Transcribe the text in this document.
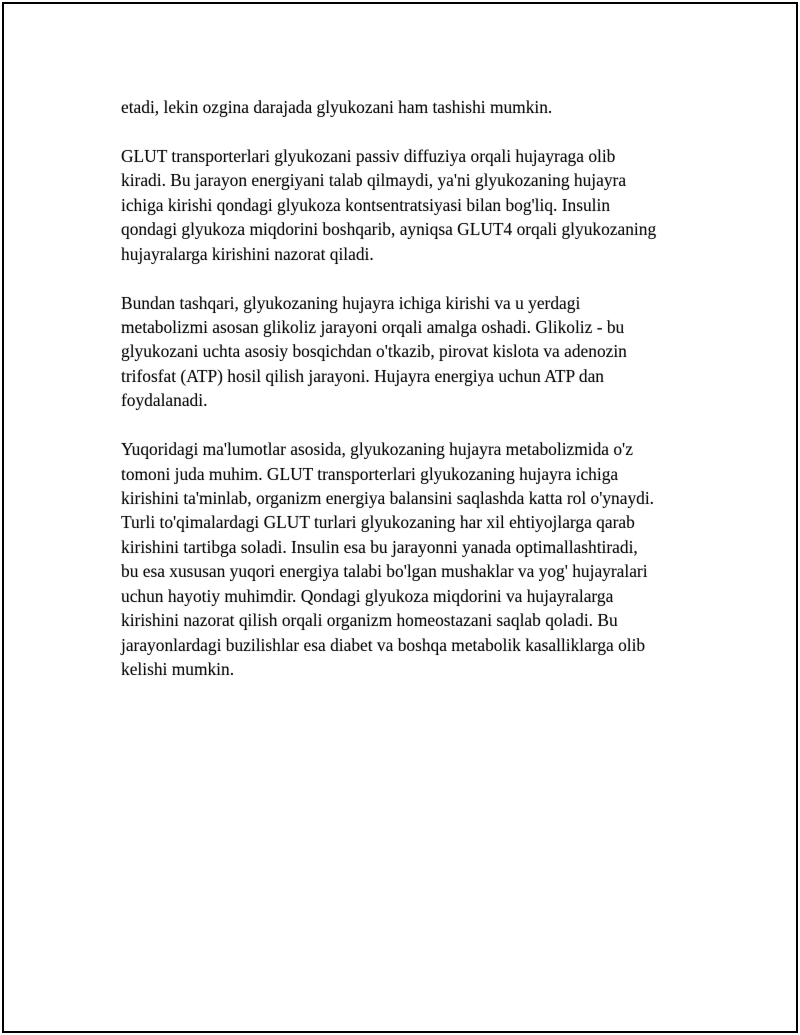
etadi, lekin ozgina darajada glyukozani ham tashishi mumkin.

GLUT transporterlari glyukozani passiv diffuziya orqali hujayraga olib
kiradi. Bu jarayon energiyani talab qilmaydi, ya'ni glyukozaning hujayra
ichiga kirishi qondagi glyukoza kontsentratsiyasi bilan bog'liq. Insulin
qondagi glyukoza miqdorini boshqarib, ayniqsa GLUT4 orqali glyukozaning
hujayralarga kirishini nazorat qiladi.

Bundan tashqari, glyukozaning hujayra ichiga kirishi va u yerdagi
metabolizmi asosan glikoliz jarayoni orqali amalga oshadi. Glikoliz - bu
glyukozani uchta asosiy bosqichdan o'tkazib, pirovat kislota va adenozin
trifosfat (ATP) hosil qilish jarayoni. Hujayra energiya uchun ATP dan
foydalanadi.

Yuqoridagi ma'lumotlar asosida, glyukozaning hujayra metabolizmida o'z
tomoni juda muhim. GLUT transporterlari glyukozaning hujayra ichiga
kirishini ta'minlab, organizm energiya balansini saqlashda katta rol o'ynaydi.
Turli to'qimalardagi GLUT turlari glyukozaning har xil ehtiyojlarga qarab
kirishini tartibga soladi. Insulin esa bu jarayonni yanada optimallashtiradi,
bu esa xususan yuqori energiya talabi bo'lgan mushaklar va yog' hujayralari
uchun hayotiy muhimdir. Qondagi glyukoza miqdorini va hujayralarga
kirishini nazorat qilish orqali organizm homeostazani saqlab qoladi. Bu
jarayonlardagi buzilishlar esa diabet va boshqa metabolik kasalliklarga olib
kelishi mumkin.
